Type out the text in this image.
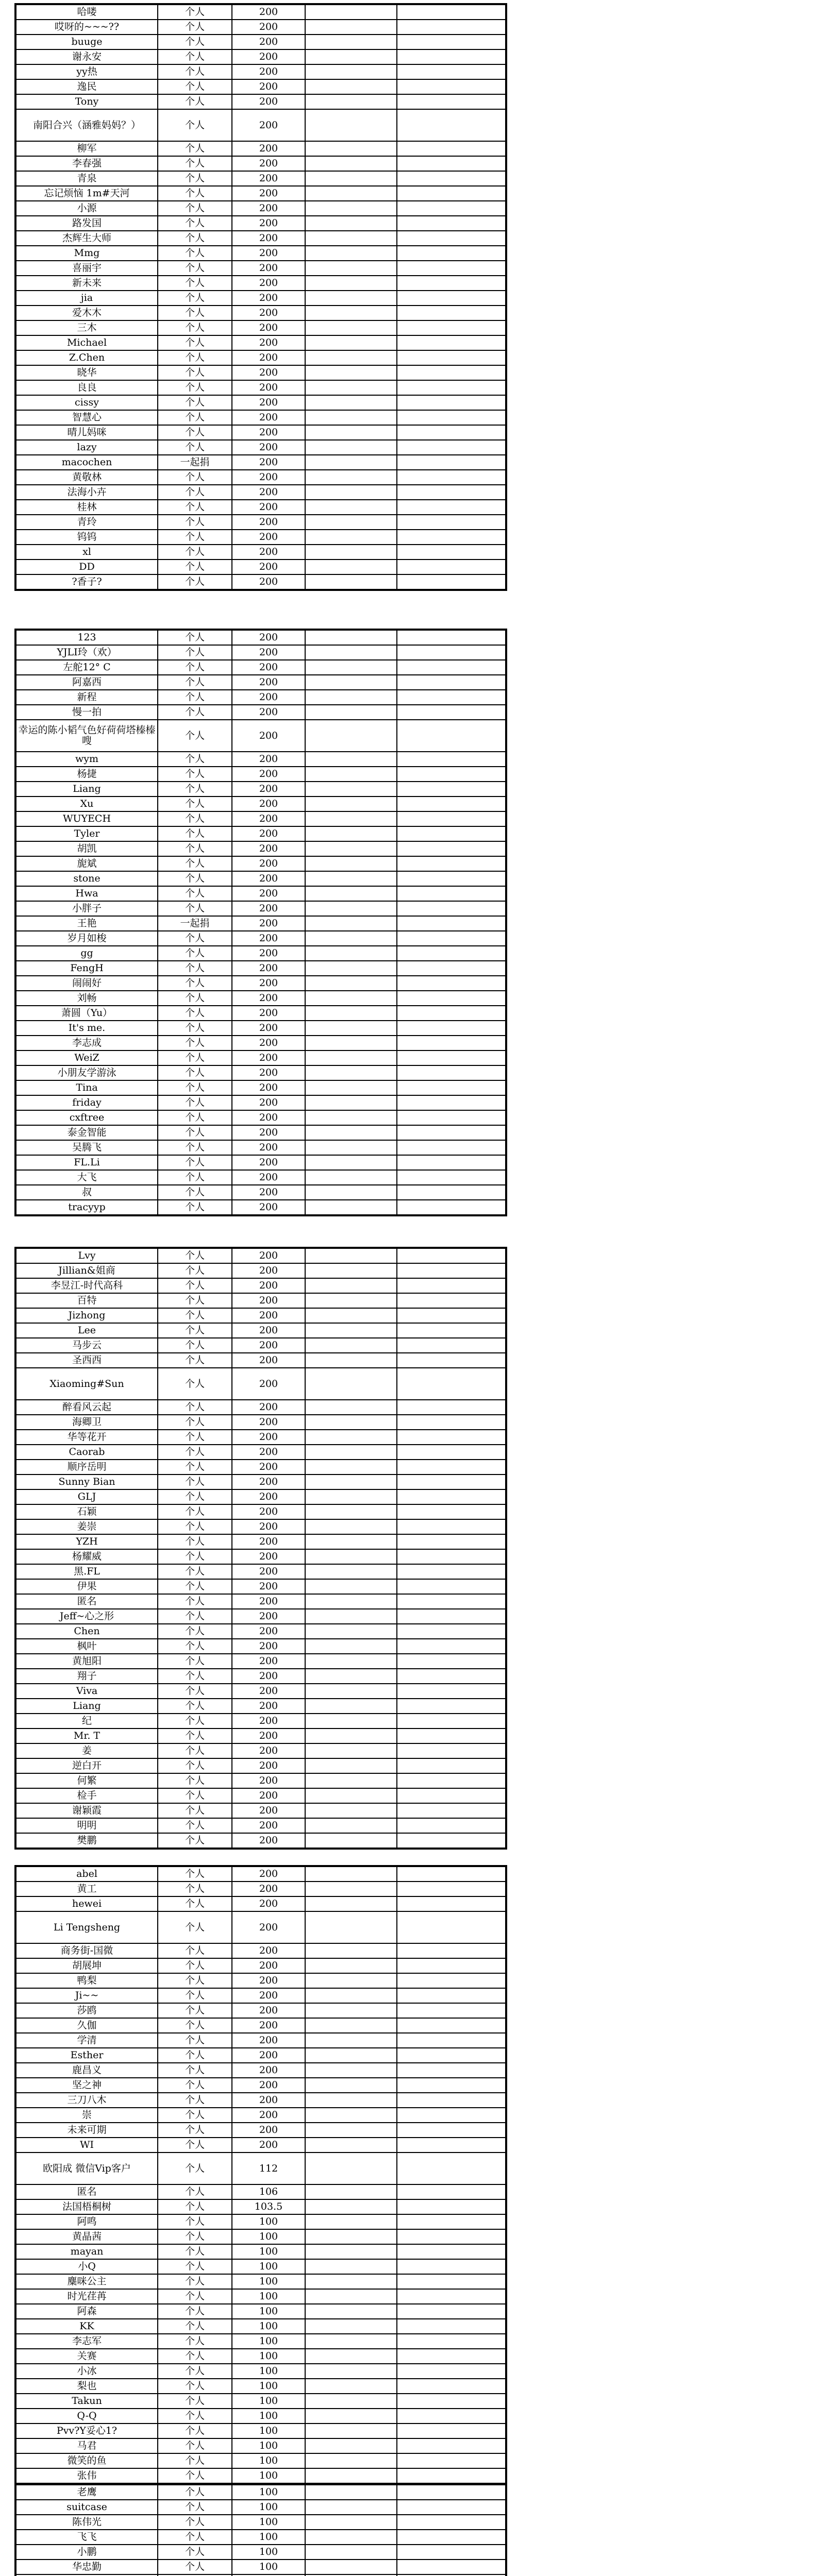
哈喽	个人	200		
哎呀的~~~??	个人	200		
buuge	个人	200		
谢永安	个人	200		
yy热	个人	200		
逸民	个人	200		
Tony	个人	200		
南阳合兴（涵雅妈妈？）	个人	200		
柳军	个人	200		
李春强	个人	200		
青泉	个人	200		
忘记烦恼 1m#天河	个人	200		
小源	个人	200		
路发国	个人	200		
杰辉生大师	个人	200		
Mmg	个人	200		
喜丽宇	个人	200		
新未来	个人	200		
jia	个人	200		
爱木木	个人	200		
三木	个人	200		
Michael	个人	200		
Z.Chen	个人	200		
晓华	个人	200		
良良	个人	200		
cissy	个人	200		
智慧心	个人	200		
晴儿妈咪	个人	200		
lazy	个人	200		
macochen	一起捐	200		
黄敬林	个人	200		
法海小卉	个人	200		
桂林	个人	200		
青玲	个人	200		
钨钨	个人	200		
xl	个人	200		
DD	个人	200		
?香子?	个人	200		
123	个人	200		
YJLI玲（欢）	个人	200		
左舵12° C	个人	200		
阿嘉西	个人	200		
新程	个人	200		
慢一拍	个人	200		
幸运的陈小韬气色好荷荷塔榛榛嗖	个人	200		
wym	个人	200		
杨捷	个人	200		
Liang	个人	200		
Xu	个人	200		
WUYECH	个人	200		
Tyler	个人	200		
胡凯	个人	200		
旎斌	个人	200		
stone	个人	200		
Hwa	个人	200		
小胖子	个人	200		
王艳	一起捐	200		
岁月如梭	个人	200		
gg	个人	200		
FengH	个人	200		
闹闹好	个人	200		
刘畅	个人	200		
萧圆（Yu）	个人	200		
It's me.	个人	200		
李志成	个人	200		
WeiZ	个人	200		
小朋友学游泳	个人	200		
Tina	个人	200		
friday	个人	200		
cxftree	个人	200		
泰金智能	个人	200		
吴腾飞	个人	200		
FL.Li	个人	200		
大飞	个人	200		
叔	个人	200		
tracyyp	个人	200		
Lvy	个人	200		
Jillian&姐商	个人	200		
李昱江-时代高科	个人	200		
百特	个人	200		
Jizhong	个人	200		
Lee	个人	200		
马步云	个人	200		
圣西西	个人	200		
Xiaoming#Sun	个人	200		
醉看风云起	个人	200		
海卿卫	个人	200		
华等花开	个人	200		
Caorab	个人	200		
顺序岳明	个人	200		
Sunny Bian	个人	200		
GLJ	个人	200		
石颖	个人	200		
姜崇	个人	200		
YZH	个人	200		
杨耀威	个人	200		
黑.FL	个人	200		
伊果	个人	200		
匿名	个人	200		
Jeff~心之形	个人	200		
Chen	个人	200		
枫叶	个人	200		
黄旭阳	个人	200		
翔子	个人	200		
Viva	个人	200		
Liang	个人	200		
纪	个人	200		
Mr. T	个人	200		
姜	个人	200		
逆白开	个人	200		
何繁	个人	200		
检手	个人	200		
谢颖霞	个人	200		
明明	个人	200		
樊鹏	个人	200		
abel	个人	200		
黄工	个人	200		
hewei	个人	200		
Li Tengsheng	个人	200		
商务街-国微	个人	200		
胡展坤	个人	200		
鸭梨	个人	200		
Ji~~	个人	200		
莎鸥	个人	200		
久伽	个人	200		
学清	个人	200		
Esther	个人	200		
鹿昌义	个人	200		
坚之神	个人	200		
三刀八木	个人	200		
崇	个人	200		
未来可期	个人	200		
WI	个人	200		
欧阳成 微信Vip客户	个人	112		
匿名	个人	106		
法国梧桐树	个人	103.5		
阿鸣	个人	100		
黄晶茜	个人	100		
mayan	个人	100		
小Q	个人	100		
麋咪公主	个人	100		
时光荏苒	个人	100		
阿森	个人	100		
KK	个人	100		
李志军	个人	100		
关赛	个人	100		
小冰	个人	100		
梨也	个人	100		
Takun	个人	100		
Q-Q	个人	100		
Pvv?Y妥心1?	个人	100		
马君	个人	100		
微笑的鱼	个人	100		
张伟	个人	100		
老鹰	个人	100		
suitcase	个人	100		
陈伟光	个人	100		
飞飞	个人	100		
小鹏	个人	100		
华忠勤	个人	100		
